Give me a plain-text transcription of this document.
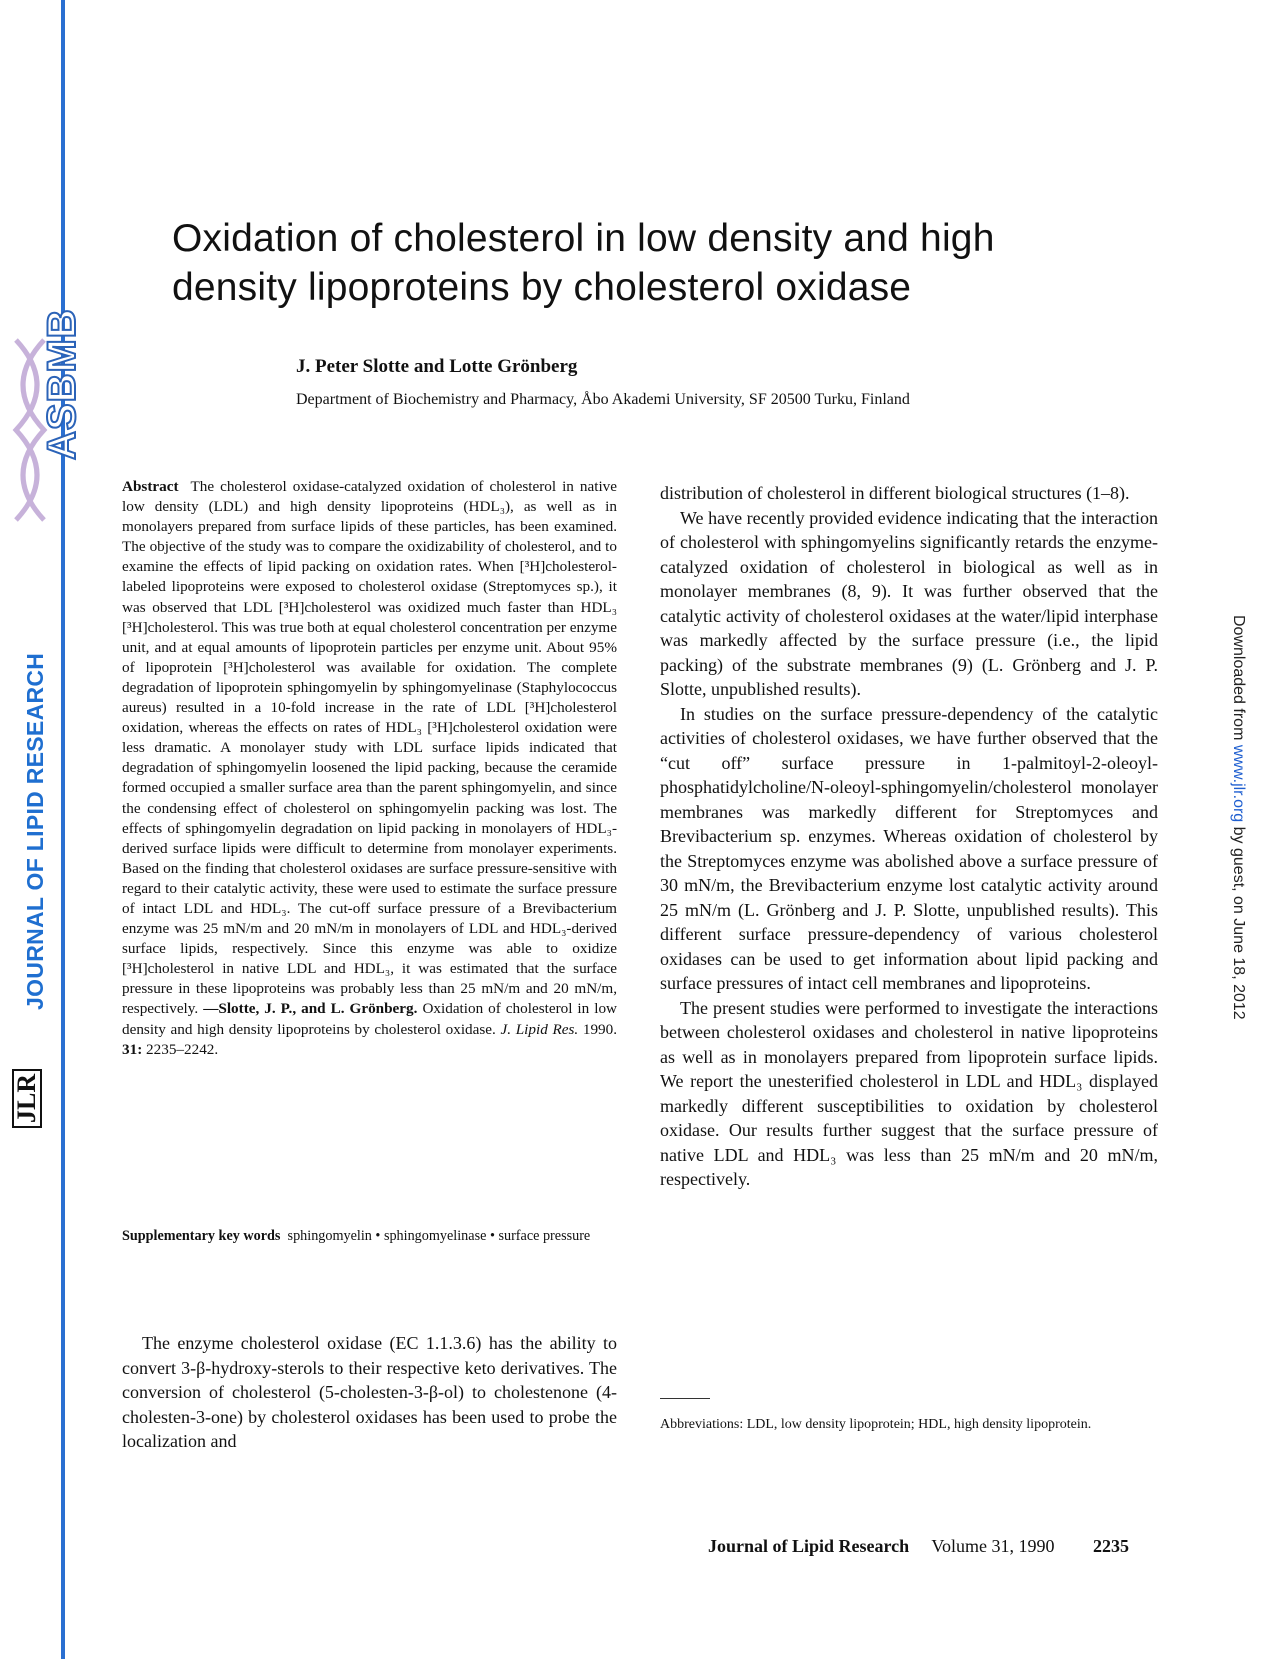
ASBMB
JOURNAL OF LIPID RESEARCH
JLR
Downloaded from www.jlr.org by guest, on June 18, 2012
Oxidation of cholesterol in low density and high density lipoproteins by cholesterol oxidase
J. Peter Slotte and Lotte Grönberg
Department of Biochemistry and Pharmacy, Åbo Akademi University, SF 20500 Turku, Finland

Abstract The cholesterol oxidase-catalyzed oxidation of cholesterol in native low density (LDL) and high density lipoproteins (HDL₃), as well as in monolayers prepared from surface lipids of these particles, has been examined. The objective of the study was to compare the oxidizability of cholesterol, and to examine the effects of lipid packing on oxidation rates. When [³H]cholesterol-labeled lipoproteins were exposed to cholesterol oxidase (Streptomyces sp.), it was observed that LDL [³H]cholesterol was oxidized much faster than HDL₃ [³H]cholesterol. This was true both at equal cholesterol concentration per enzyme unit, and at equal amounts of lipoprotein particles per enzyme unit. About 95% of lipoprotein [³H]cholesterol was available for oxidation. The complete degradation of lipoprotein sphingomyelin by sphingomyelinase (Staphylococcus aureus) resulted in a 10-fold increase in the rate of LDL [³H]cholesterol oxidation, whereas the effects on rates of HDL₃ [³H]cholesterol oxidation were less dramatic. A monolayer study with LDL surface lipids indicated that degradation of sphingomyelin loosened the lipid packing, because the ceramide formed occupied a smaller surface area than the parent sphingomyelin, and since the condensing effect of cholesterol on sphingomyelin packing was lost. The effects of sphingomyelin degradation on lipid packing in monolayers of HDL₃-derived surface lipids were difficult to determine from monolayer experiments. Based on the finding that cholesterol oxidases are surface pressure-sensitive with regard to their catalytic activity, these were used to estimate the surface pressure of intact LDL and HDL₃. The cut-off surface pressure of a Brevibacterium enzyme was 25 mN/m and 20 mN/m in monolayers of LDL and HDL₃-derived surface lipids, respectively. Since this enzyme was able to oxidize [³H]cholesterol in native LDL and HDL₃, it was estimated that the surface pressure in these lipoproteins was probably less than 25 mN/m and 20 mN/m, respectively. —Slotte, J. P., and L. Grönberg. Oxidation of cholesterol in low density and high density lipoproteins by cholesterol oxidase. J. Lipid Res. 1990. 31: 2235–2242.

Supplementary key words sphingomyelin • sphingomyelinase • surface pressure

The enzyme cholesterol oxidase (EC 1.1.3.6) has the ability to convert 3-β-hydroxy-sterols to their respective keto derivatives. The conversion of cholesterol (5-cholesten-3-β-ol) to cholestenone (4-cholesten-3-one) by cholesterol oxidases has been used to probe the localization and

distribution of cholesterol in different biological structures (1–8).

We have recently provided evidence indicating that the interaction of cholesterol with sphingomyelins significantly retards the enzyme-catalyzed oxidation of cholesterol in biological as well as in monolayer membranes (8, 9). It was further observed that the catalytic activity of cholesterol oxidases at the water/lipid interphase was markedly affected by the surface pressure (i.e., the lipid packing) of the substrate membranes (9) (L. Grönberg and J. P. Slotte, unpublished results).

In studies on the surface pressure-dependency of the catalytic activities of cholesterol oxidases, we have further observed that the “cut off” surface pressure in 1-palmitoyl-2-oleoyl-phosphatidylcholine/N-oleoyl-sphingomyelin/cholesterol monolayer membranes was markedly different for Streptomyces and Brevibacterium sp. enzymes. Whereas oxidation of cholesterol by the Streptomyces enzyme was abolished above a surface pressure of 30 mN/m, the Brevibacterium enzyme lost catalytic activity around 25 mN/m (L. Grönberg and J. P. Slotte, unpublished results). This different surface pressure-dependency of various cholesterol oxidases can be used to get information about lipid packing and surface pressures of intact cell membranes and lipoproteins.

The present studies were performed to investigate the interactions between cholesterol oxidases and cholesterol in native lipoproteins as well as in monolayers prepared from lipoprotein surface lipids. We report the unesterified cholesterol in LDL and HDL₃ displayed markedly different susceptibilities to oxidation by cholesterol oxidase. Our results further suggest that the surface pressure of native LDL and HDL₃ was less than 25 mN/m and 20 mN/m, respectively.

Abbreviations: LDL, low density lipoprotein; HDL, high density lipoprotein.
Journal of Lipid Research Volume 31, 1990 2235
